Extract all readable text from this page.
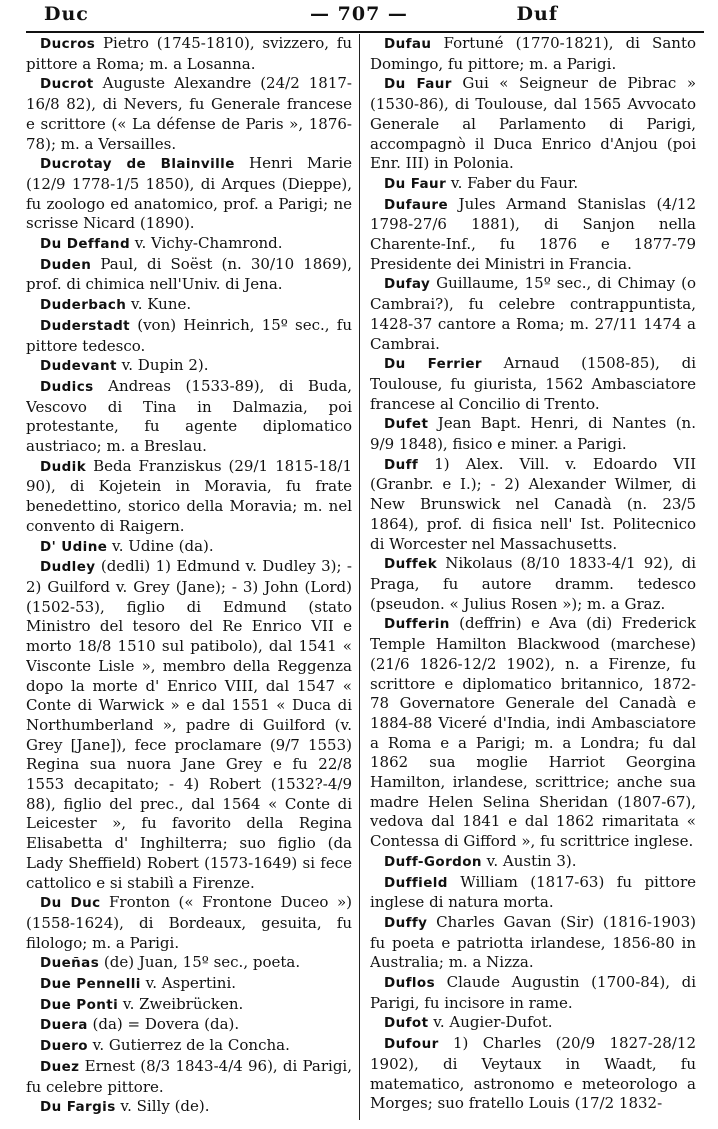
Duc	— 707 —	Duf

Ducros Pietro (1745-1810), svizzero, fu pittore a Roma; m. a Losanna.

Ducrot Auguste Alexandre (24/2 1817-16/8 82), di Nevers, fu Generale francese e scrittore (« La défense de Paris », 1876-78); m. a Versailles.

Ducrotay de Blainville Henri Marie (12/9 1778-1/5 1850), di Arques (Dieppe), fu zoologo ed anatomico, prof. a Parigi; ne scrisse Nicard (1890).

Du Deffand v. Vichy-Chamrond.

Duden Paul, di Soëst (n. 30/10 1869), prof. di chimica nell'Univ. di Jena.

Duderbach v. Kune.

Duderstadt (von) Heinrich, 15º sec., fu pittore tedesco.

Dudevant v. Dupin 2).

Dudics Andreas (1533-89), di Buda, Vescovo di Tina in Dalmazia, poi protestante, fu agente diplomatico austriaco; m. a Breslau.

Dudik Beda Franziskus (29/1 1815-18/1 90), di Kojetein in Moravia, fu frate benedettino, storico della Moravia; m. nel convento di Raigern.

D' Udine v. Udine (da).

Dudley (dedli) 1) Edmund v. Dudley 3); - 2) Guilford v. Grey (Jane); - 3) John (Lord) (1502-53), figlio di Edmund (stato Ministro del tesoro del Re Enrico VII e morto 18/8 1510 sul patibolo), dal 1541 « Visconte Lisle », membro della Reggenza dopo la morte d' Enrico VIII, dal 1547 « Conte di Warwick » e dal 1551 « Duca di Northumberland », padre di Guilford (v. Grey [Jane]), fece proclamare (9/7 1553) Regina sua nuora Jane Grey e fu 22/8 1553 decapitato; - 4) Robert (1532?-4/9 88), figlio del prec., dal 1564 « Conte di Leicester », fu favorito della Regina Elisabetta d' Inghilterra; suo figlio (da Lady Sheffield) Robert (1573-1649) si fece cattolico e si stabilì a Firenze.

Du Duc Fronton (« Frontone Duceo ») (1558-1624), di Bordeaux, gesuita, fu filologo; m. a Parigi.

Dueñas (de) Juan, 15º sec., poeta.

Due Pennelli v. Aspertini.

Due Ponti v. Zweibrücken.

Duera (da) = Dovera (da).

Duero v. Gutierrez de la Concha.

Duez Ernest (8/3 1843-4/4 96), di Parigi, fu celebre pittore.

Du Fargis v. Silly (de).

Dufau Fortuné (1770-1821), di Santo Domingo, fu pittore; m. a Parigi.

Du Faur Gui « Seigneur de Pibrac » (1530-86), di Toulouse, dal 1565 Avvocato Generale al Parlamento di Parigi, accompagnò il Duca Enrico d'Anjou (poi Enr. III) in Polonia.

Du Faur v. Faber du Faur.

Dufaure Jules Armand Stanislas (4/12 1798-27/6 1881), di Sanjon nella Charente-Inf., fu 1876 e 1877-79 Presidente dei Ministri in Francia.

Dufay Guillaume, 15º sec., di Chimay (o Cambrai?), fu celebre contrappuntista, 1428-37 cantore a Roma; m. 27/11 1474 a Cambrai.

Du Ferrier Arnaud (1508-85), di Toulouse, fu giurista, 1562 Ambasciatore francese al Concilio di Trento.

Dufet Jean Bapt. Henri, di Nantes (n. 9/9 1848), fisico e miner. a Parigi.

Duff 1) Alex. Vill. v. Edoardo VII (Granbr. e I.); - 2) Alexander Wilmer, di New Brunswick nel Canadà (n. 23/5 1864), prof. di fisica nell' Ist. Politecnico di Worcester nel Massachusetts.

Duffek Nikolaus (8/10 1833-4/1 92), di Praga, fu autore dramm. tedesco (pseudon. « Julius Rosen »); m. a Graz.

Dufferin (deffrin) e Ava (di) Frederick Temple Hamilton Blackwood (marchese) (21/6 1826-12/2 1902), n. a Firenze, fu scrittore e diplomatico britannico, 1872-78 Governatore Generale del Canadà e 1884-88 Viceré d'India, indi Ambasciatore a Roma e a Parigi; m. a Londra; fu dal 1862 sua moglie Harriot Georgina Hamilton, irlandese, scrittrice; anche sua madre Helen Selina Sheridan (1807-67), vedova dal 1841 e dal 1862 rimaritata « Contessa di Gifford », fu scrittrice inglese.

Duff-Gordon v. Austin 3).

Duffield William (1817-63) fu pittore inglese di natura morta.

Duffy Charles Gavan (Sir) (1816-1903) fu poeta e patriotta irlandese, 1856-80 in Australia; m. a Nizza.

Duflos Claude Augustin (1700-84), di Parigi, fu incisore in rame.

Dufot v. Augier-Dufot.

Dufour 1) Charles (20/9 1827-28/12 1902), di Veytaux in Waadt, fu matematico, astronomo e meteorologo a Morges; suo fratello Louis (17/2 1832-
